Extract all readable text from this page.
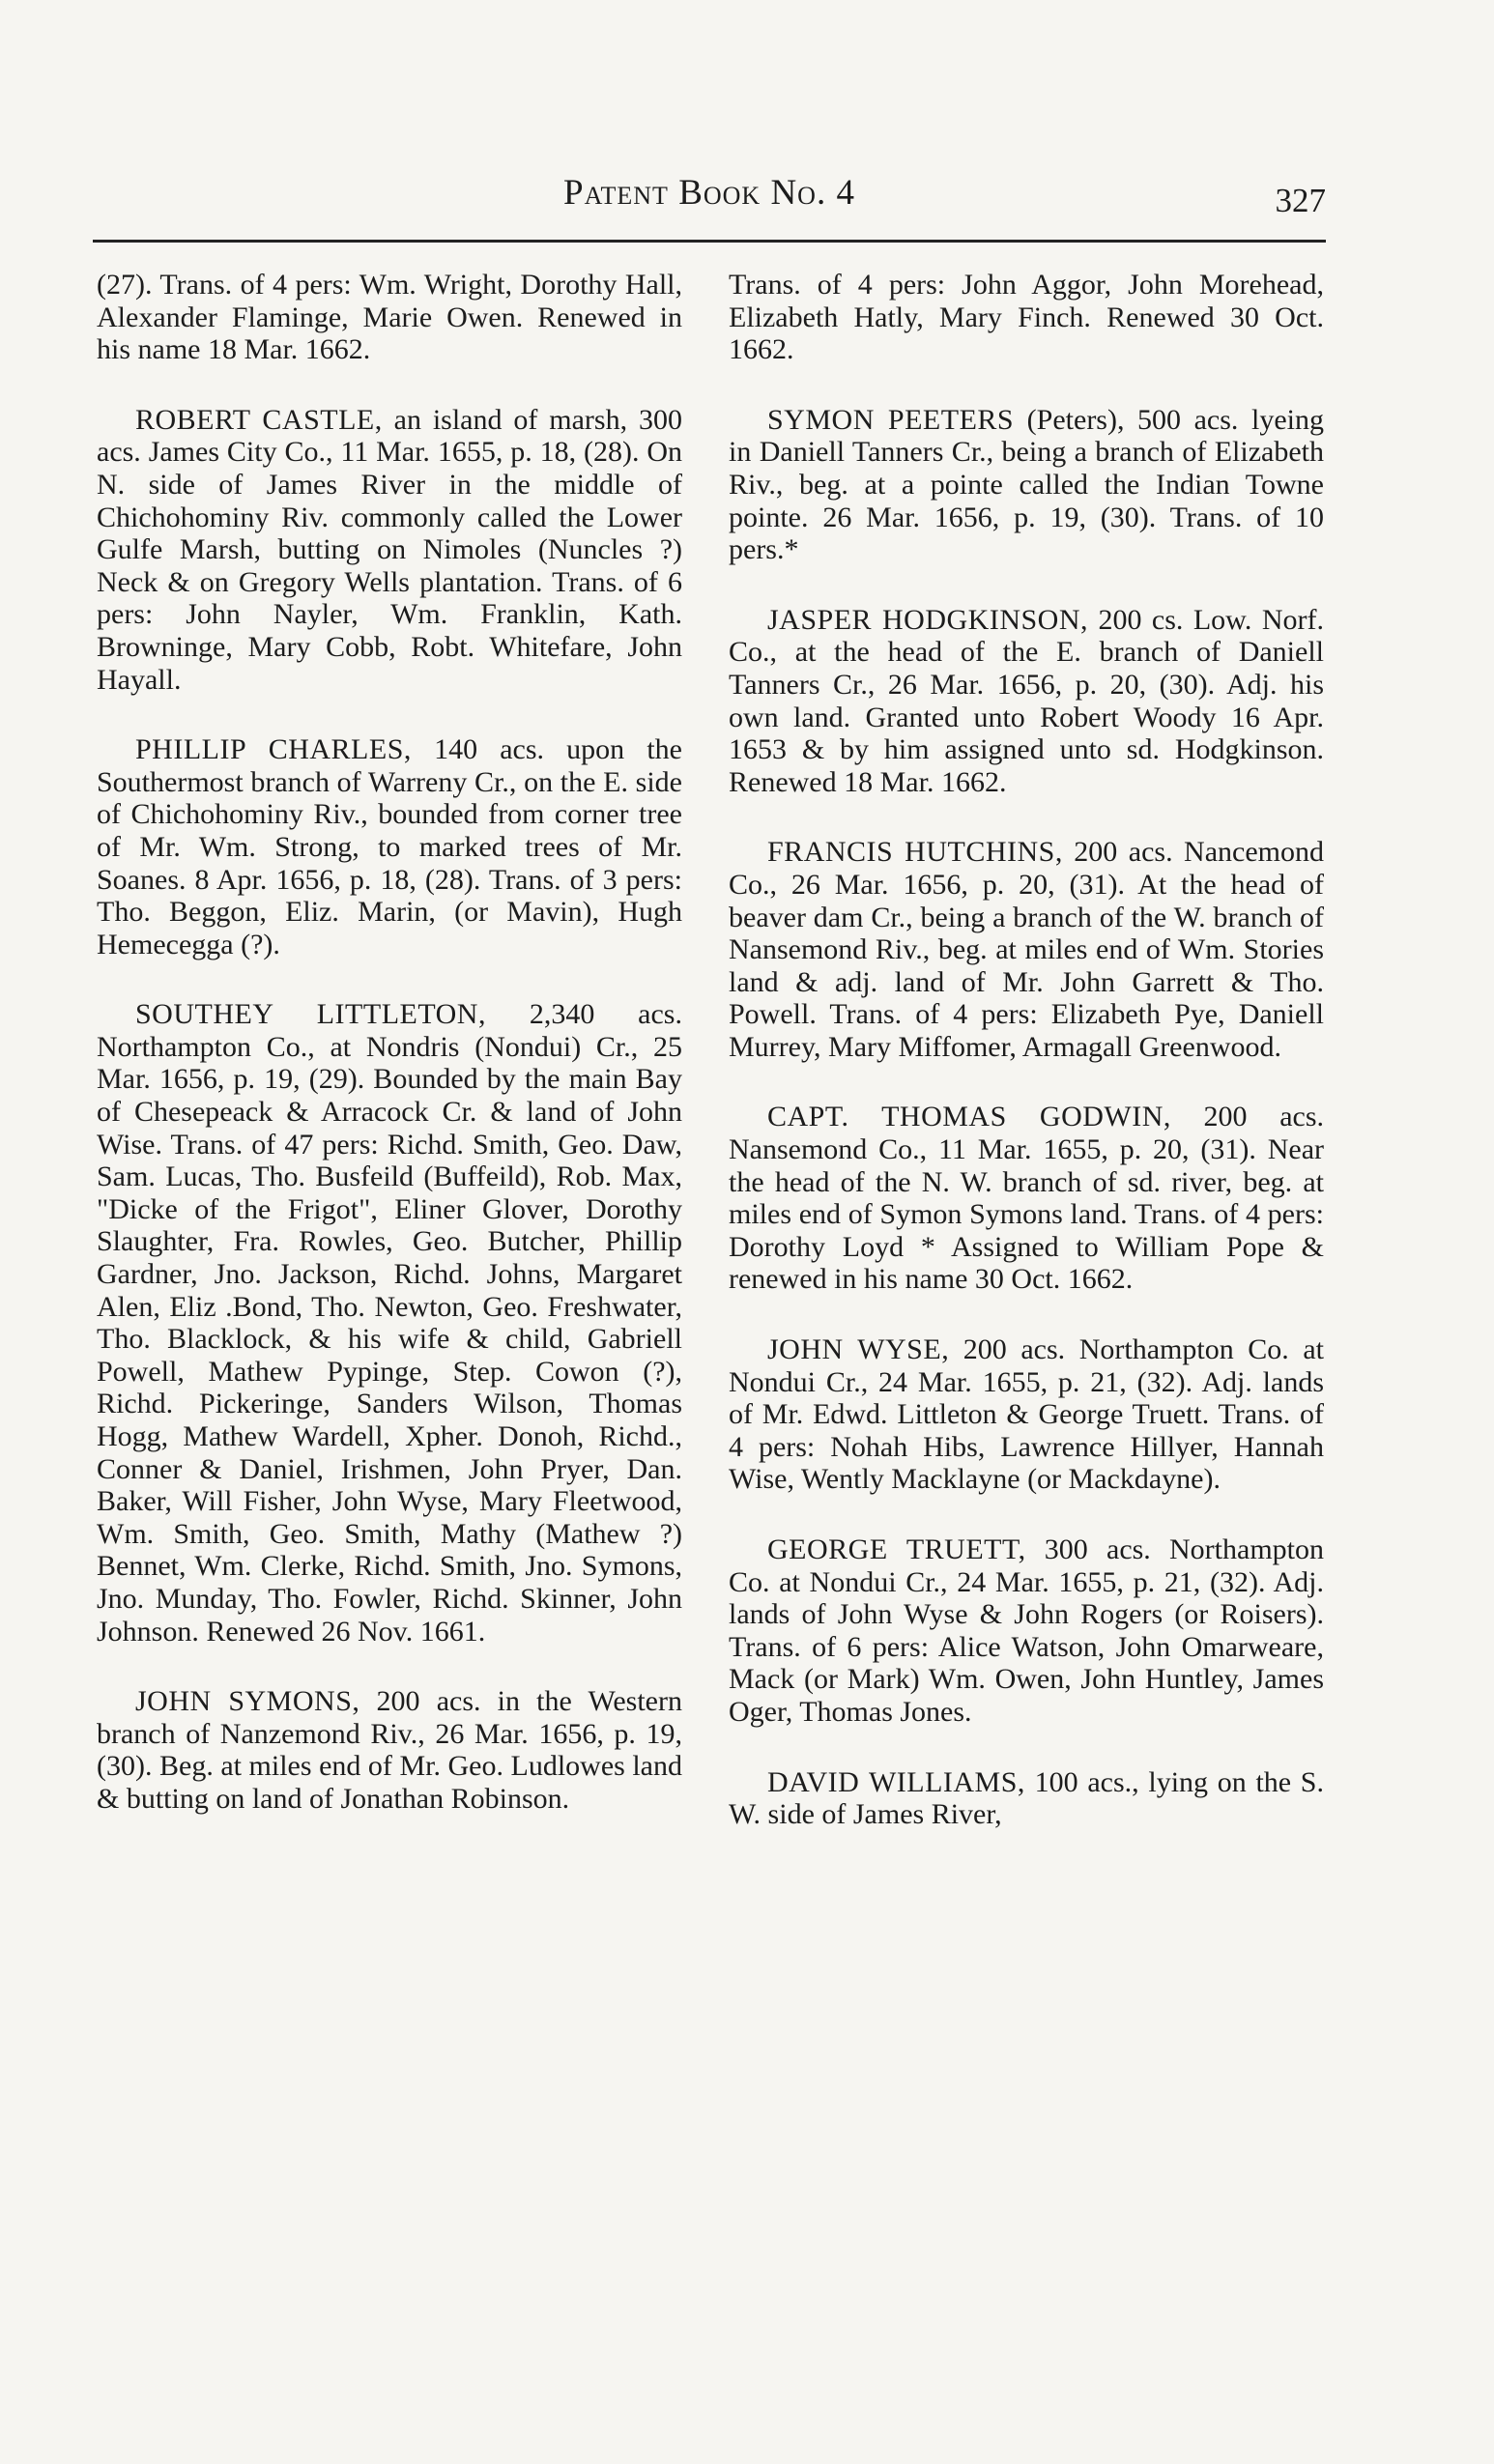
Patent Book No. 4	327

(27). Trans. of 4 pers: Wm. Wright, Dorothy Hall, Alexander Flaminge, Marie Owen. Renewed in his name 18 Mar. 1662.

ROBERT CASTLE, an island of marsh, 300 acs. James City Co., 11 Mar. 1655, p. 18, (28). On N. side of James River in the middle of Chichohominy Riv. commonly called the Lower Gulfe Marsh, butting on Nimoles (Nuncles ?) Neck & on Gregory Wells plantation. Trans. of 6 pers: John Nayler, Wm. Franklin, Kath. Browninge, Mary Cobb, Robt. Whitefare, John Hayall.

PHILLIP CHARLES, 140 acs. upon the Southermost branch of Warreny Cr., on the E. side of Chichohominy Riv., bounded from corner tree of Mr. Wm. Strong, to marked trees of Mr. Soanes. 8 Apr. 1656, p. 18, (28). Trans. of 3 pers: Tho. Beggon, Eliz. Marin, (or Mavin), Hugh Hemecegga (?).

SOUTHEY LITTLETON, 2,340 acs. Northampton Co., at Nondris (Nondui) Cr., 25 Mar. 1656, p. 19, (29). Bounded by the main Bay of Chesepeack & Arracock Cr. & land of John Wise. Trans. of 47 pers: Richd. Smith, Geo. Daw, Sam. Lucas, Tho. Busfeild (Buffeild), Rob. Max, "Dicke of the Frigot", Eliner Glover, Dorothy Slaughter, Fra. Rowles, Geo. Butcher, Phillip Gardner, Jno. Jackson, Richd. Johns, Margaret Alen, Eliz .Bond, Tho. Newton, Geo. Freshwater, Tho. Blacklock, & his wife & child, Gabriell Powell, Mathew Pypinge, Step. Cowon (?), Richd. Pickeringe, Sanders Wilson, Thomas Hogg, Mathew Wardell, Xpher. Donoh, Richd., Conner & Daniel, Irishmen, John Pryer, Dan. Baker, Will Fisher, John Wyse, Mary Fleetwood, Wm. Smith, Geo. Smith, Mathy (Mathew ?) Bennet, Wm. Clerke, Richd. Smith, Jno. Symons, Jno. Munday, Tho. Fowler, Richd. Skinner, John Johnson. Renewed 26 Nov. 1661.

JOHN SYMONS, 200 acs. in the Western branch of Nanzemond Riv., 26 Mar. 1656, p. 19, (30). Beg. at miles end of Mr. Geo. Ludlowes land & butting on land of Jonathan Robinson.

Trans. of 4 pers: John Aggor, John Morehead, Elizabeth Hatly, Mary Finch. Renewed 30 Oct. 1662.

SYMON PEETERS (Peters), 500 acs. lyeing in Daniell Tanners Cr., being a branch of Elizabeth Riv., beg. at a pointe called the Indian Towne pointe. 26 Mar. 1656, p. 19, (30). Trans. of 10 pers.*

JASPER HODGKINSON, 200 cs. Low. Norf. Co., at the head of the E. branch of Daniell Tanners Cr., 26 Mar. 1656, p. 20, (30). Adj. his own land. Granted unto Robert Woody 16 Apr. 1653 & by him assigned unto sd. Hodgkinson. Renewed 18 Mar. 1662.

FRANCIS HUTCHINS, 200 acs. Nancemond Co., 26 Mar. 1656, p. 20, (31). At the head of beaver dam Cr., being a branch of the W. branch of Nansemond Riv., beg. at miles end of Wm. Stories land & adj. land of Mr. John Garrett & Tho. Powell. Trans. of 4 pers: Elizabeth Pye, Daniell Murrey, Mary Miffomer, Armagall Greenwood.

CAPT. THOMAS GODWIN, 200 acs. Nansemond Co., 11 Mar. 1655, p. 20, (31). Near the head of the N. W. branch of sd. river, beg. at miles end of Symon Symons land. Trans. of 4 pers: Dorothy Loyd * Assigned to William Pope & renewed in his name 30 Oct. 1662.

JOHN WYSE, 200 acs. Northampton Co. at Nondui Cr., 24 Mar. 1655, p. 21, (32). Adj. lands of Mr. Edwd. Littleton & George Truett. Trans. of 4 pers: Nohah Hibs, Lawrence Hillyer, Hannah Wise, Wently Macklayne (or Mackdayne).

GEORGE TRUETT, 300 acs. Northampton Co. at Nondui Cr., 24 Mar. 1655, p. 21, (32). Adj. lands of John Wyse & John Rogers (or Roisers). Trans. of 6 pers: Alice Watson, John Omarweare, Mack (or Mark) Wm. Owen, John Huntley, James Oger, Thomas Jones.

DAVID WILLIAMS, 100 acs., lying on the S. W. side of James River,
